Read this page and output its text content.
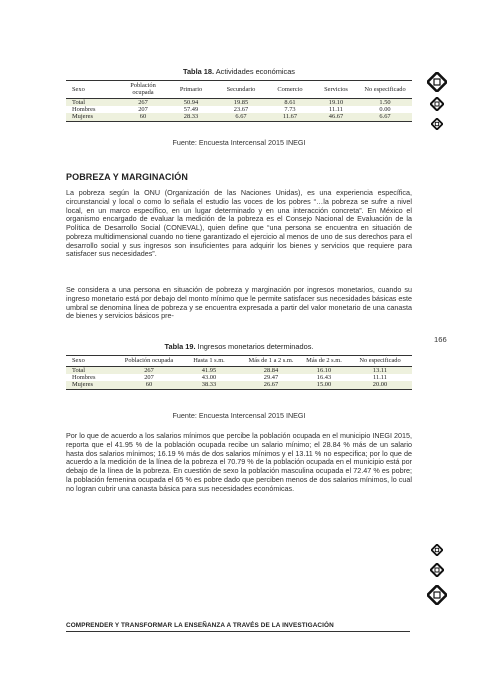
Tabla 18. Actividades económicas
Sexo	Población ocupada	Primario	Secundario	Comercio	Servicios	No especificado
Total	267	50.94	19.85	8.61	19.10	1.50
Hombres	207	57.49	23.67	7.73	11.11	0.00
Mujeres	60	28.33	6.67	11.67	46.67	6.67
Fuente: Encuesta Intercensal 2015 INEGI
POBREZA Y MARGINACIÓN

La pobreza según la ONU (Organización de las Naciones Unidas), es una experiencia específica, circunstancial y local o como lo señala el estudio las voces de los pobres “…la pobreza se sufre a nivel local, en un marco específico, en un lugar determinado y en una interacción concreta”. En México el organismo encargado de evaluar la medición de la pobreza es el Consejo Nacional de Evaluación de la Política de Desarrollo Social (CONEVAL), quien define que “una persona se encuentra en situación de pobreza multidimensional cuando no tiene garantizado el ejercicio al menos de uno de sus derechos para el desarrollo social y sus ingresos son insuficientes para adquirir los bienes y servicios que requiere para satisfacer sus necesidades”.

Se considera a una persona en situación de pobreza y marginación por ingresos monetarios, cuando su ingreso monetario está por debajo del monto mínimo que le permite satisfacer sus necesidades básicas este umbral se denomina línea de pobreza y se encuentra expresada a partir del valor monetario de una canasta de bienes y servicios básicos pre-

Tabla 19. Ingresos monetarios determinados.
Sexo	Población ocupada	Hasta 1 s.m.	Más de 1 a 2 s.m.	Más de 2 s.m.	No especificado
Total	267	41.95	28.84	16.10	13.11
Hombres	207	43.00	29.47	16.43	11.11
Mujeres	60	38.33	26.67	15.00	20.00
Fuente: Encuesta Intercensal 2015 INEGI

Por lo que de acuerdo a los salarios mínimos que percibe la población ocupada en el municipio INEGI 2015, reporta que el 41.95 % de la población ocupada recibe un salario mínimo; el 28.84 % más de un salario hasta dos salarios mínimos; 16.19 % más de dos salarios mínimos y el 13.11 % no especifica; por lo que de acuerdo a la medición de la línea de la pobreza el 70.79 % de la población ocupada en el municipio está por debajo de la línea de la pobreza. En cuestión de sexo la población masculina ocupada el 72.47 % es pobre; la población femenina ocupada el 65 % es pobre dado que perciben menos de dos salarios mínimos, lo cual no logran cubrir una canasta básica para sus necesidades económicas.

166
COMPRENDER Y TRANSFORMAR LA ENSEÑANZA A TRAVÉS DE LA INVESTIGACIÓN
